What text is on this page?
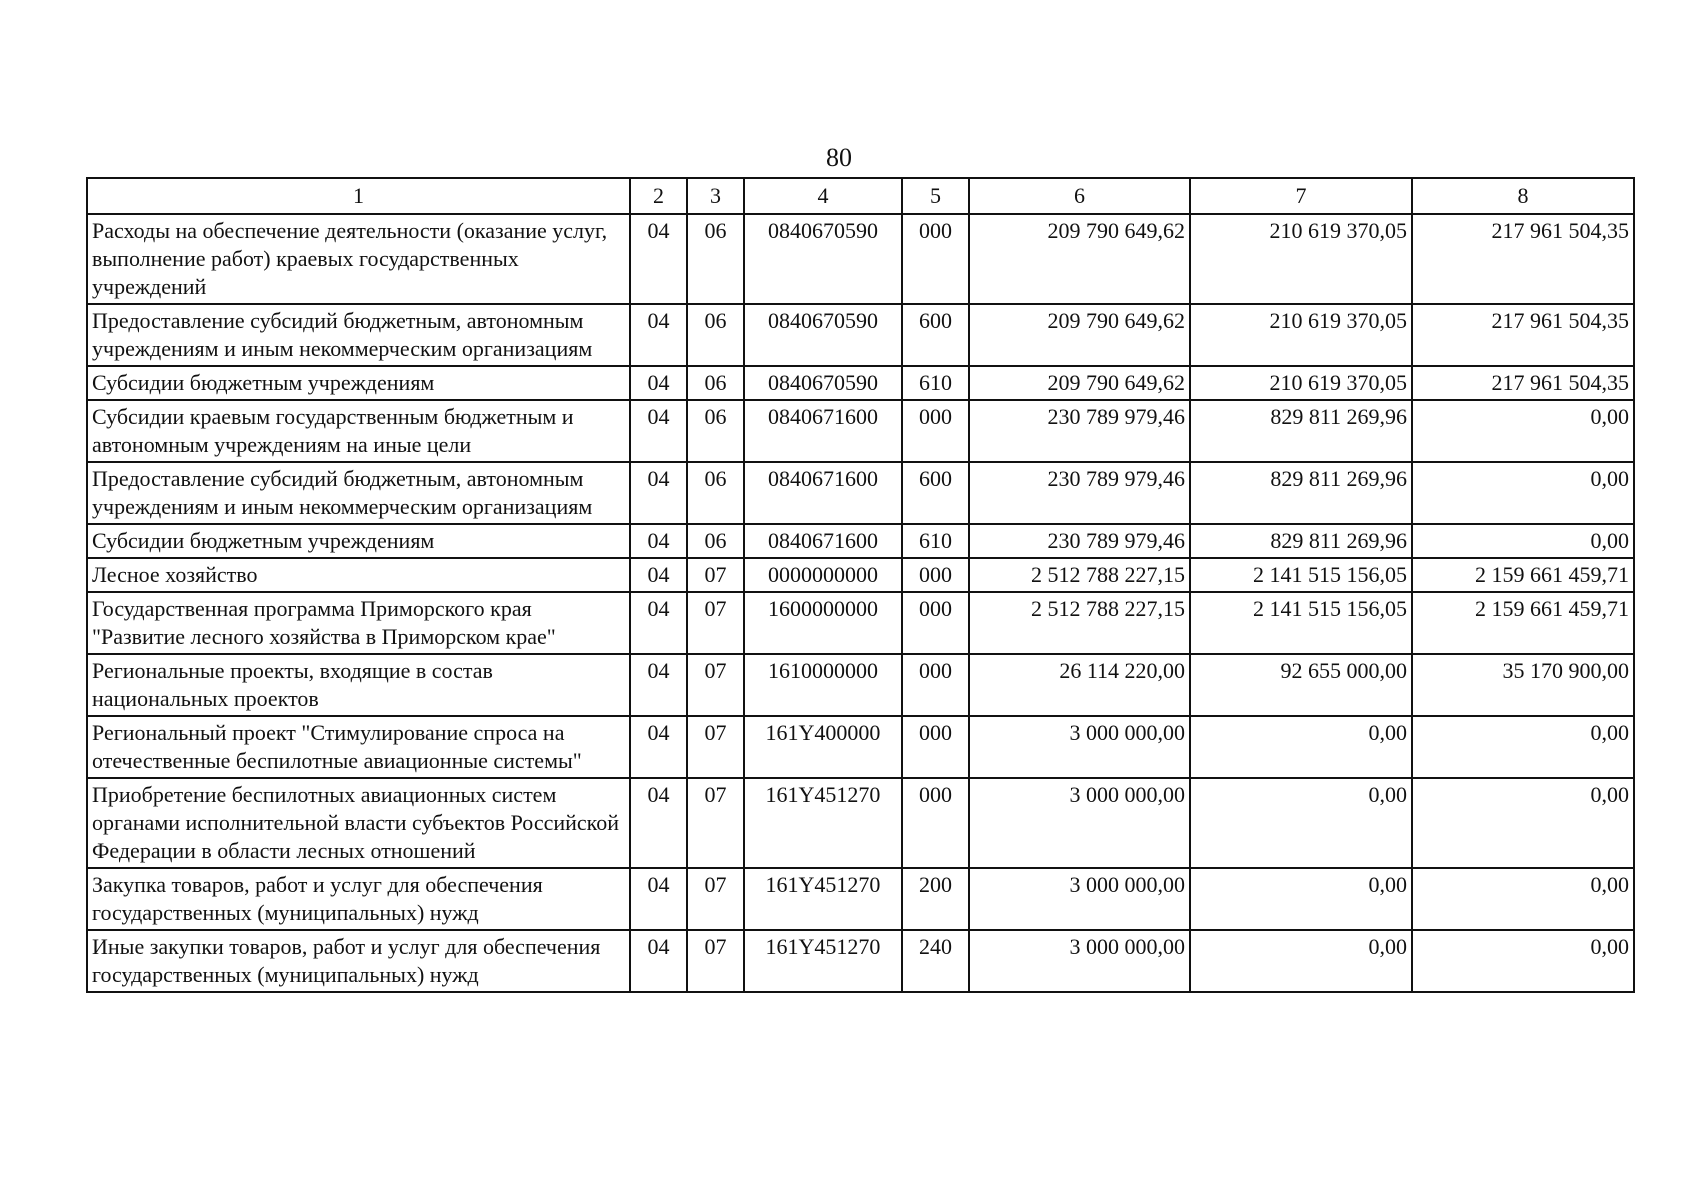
80
1	2	3	4	5	6	7	8
Расходы на обеспечение деятельности (оказание услуг, выполнение работ) краевых государственных учреждений	04	06	0840670590	000	209 790 649,62	210 619 370,05	217 961 504,35
Предоставление субсидий бюджетным, автономным учреждениям и иным некоммерческим организациям	04	06	0840670590	600	209 790 649,62	210 619 370,05	217 961 504,35
Субсидии бюджетным учреждениям	04	06	0840670590	610	209 790 649,62	210 619 370,05	217 961 504,35
Субсидии краевым государственным бюджетным и автономным учреждениям на иные цели	04	06	0840671600	000	230 789 979,46	829 811 269,96	0,00
Предоставление субсидий бюджетным, автономным учреждениям и иным некоммерческим организациям	04	06	0840671600	600	230 789 979,46	829 811 269,96	0,00
Субсидии бюджетным учреждениям	04	06	0840671600	610	230 789 979,46	829 811 269,96	0,00
Лесное хозяйство	04	07	0000000000	000	2 512 788 227,15	2 141 515 156,05	2 159 661 459,71
Государственная программа Приморского края "Развитие лесного хозяйства в Приморском крае"	04	07	1600000000	000	2 512 788 227,15	2 141 515 156,05	2 159 661 459,71
Региональные проекты, входящие в состав национальных проектов	04	07	1610000000	000	26 114 220,00	92 655 000,00	35 170 900,00
Региональный проект "Стимулирование спроса на отечественные беспилотные авиационные системы"	04	07	161Y400000	000	3 000 000,00	0,00	0,00
Приобретение беспилотных авиационных систем органами исполнительной власти субъектов Российской Федерации в области лесных отношений	04	07	161Y451270	000	3 000 000,00	0,00	0,00
Закупка товаров, работ и услуг для обеспечения государственных (муниципальных) нужд	04	07	161Y451270	200	3 000 000,00	0,00	0,00
Иные закупки товаров, работ и услуг для обеспечения государственных (муниципальных) нужд	04	07	161Y451270	240	3 000 000,00	0,00	0,00
